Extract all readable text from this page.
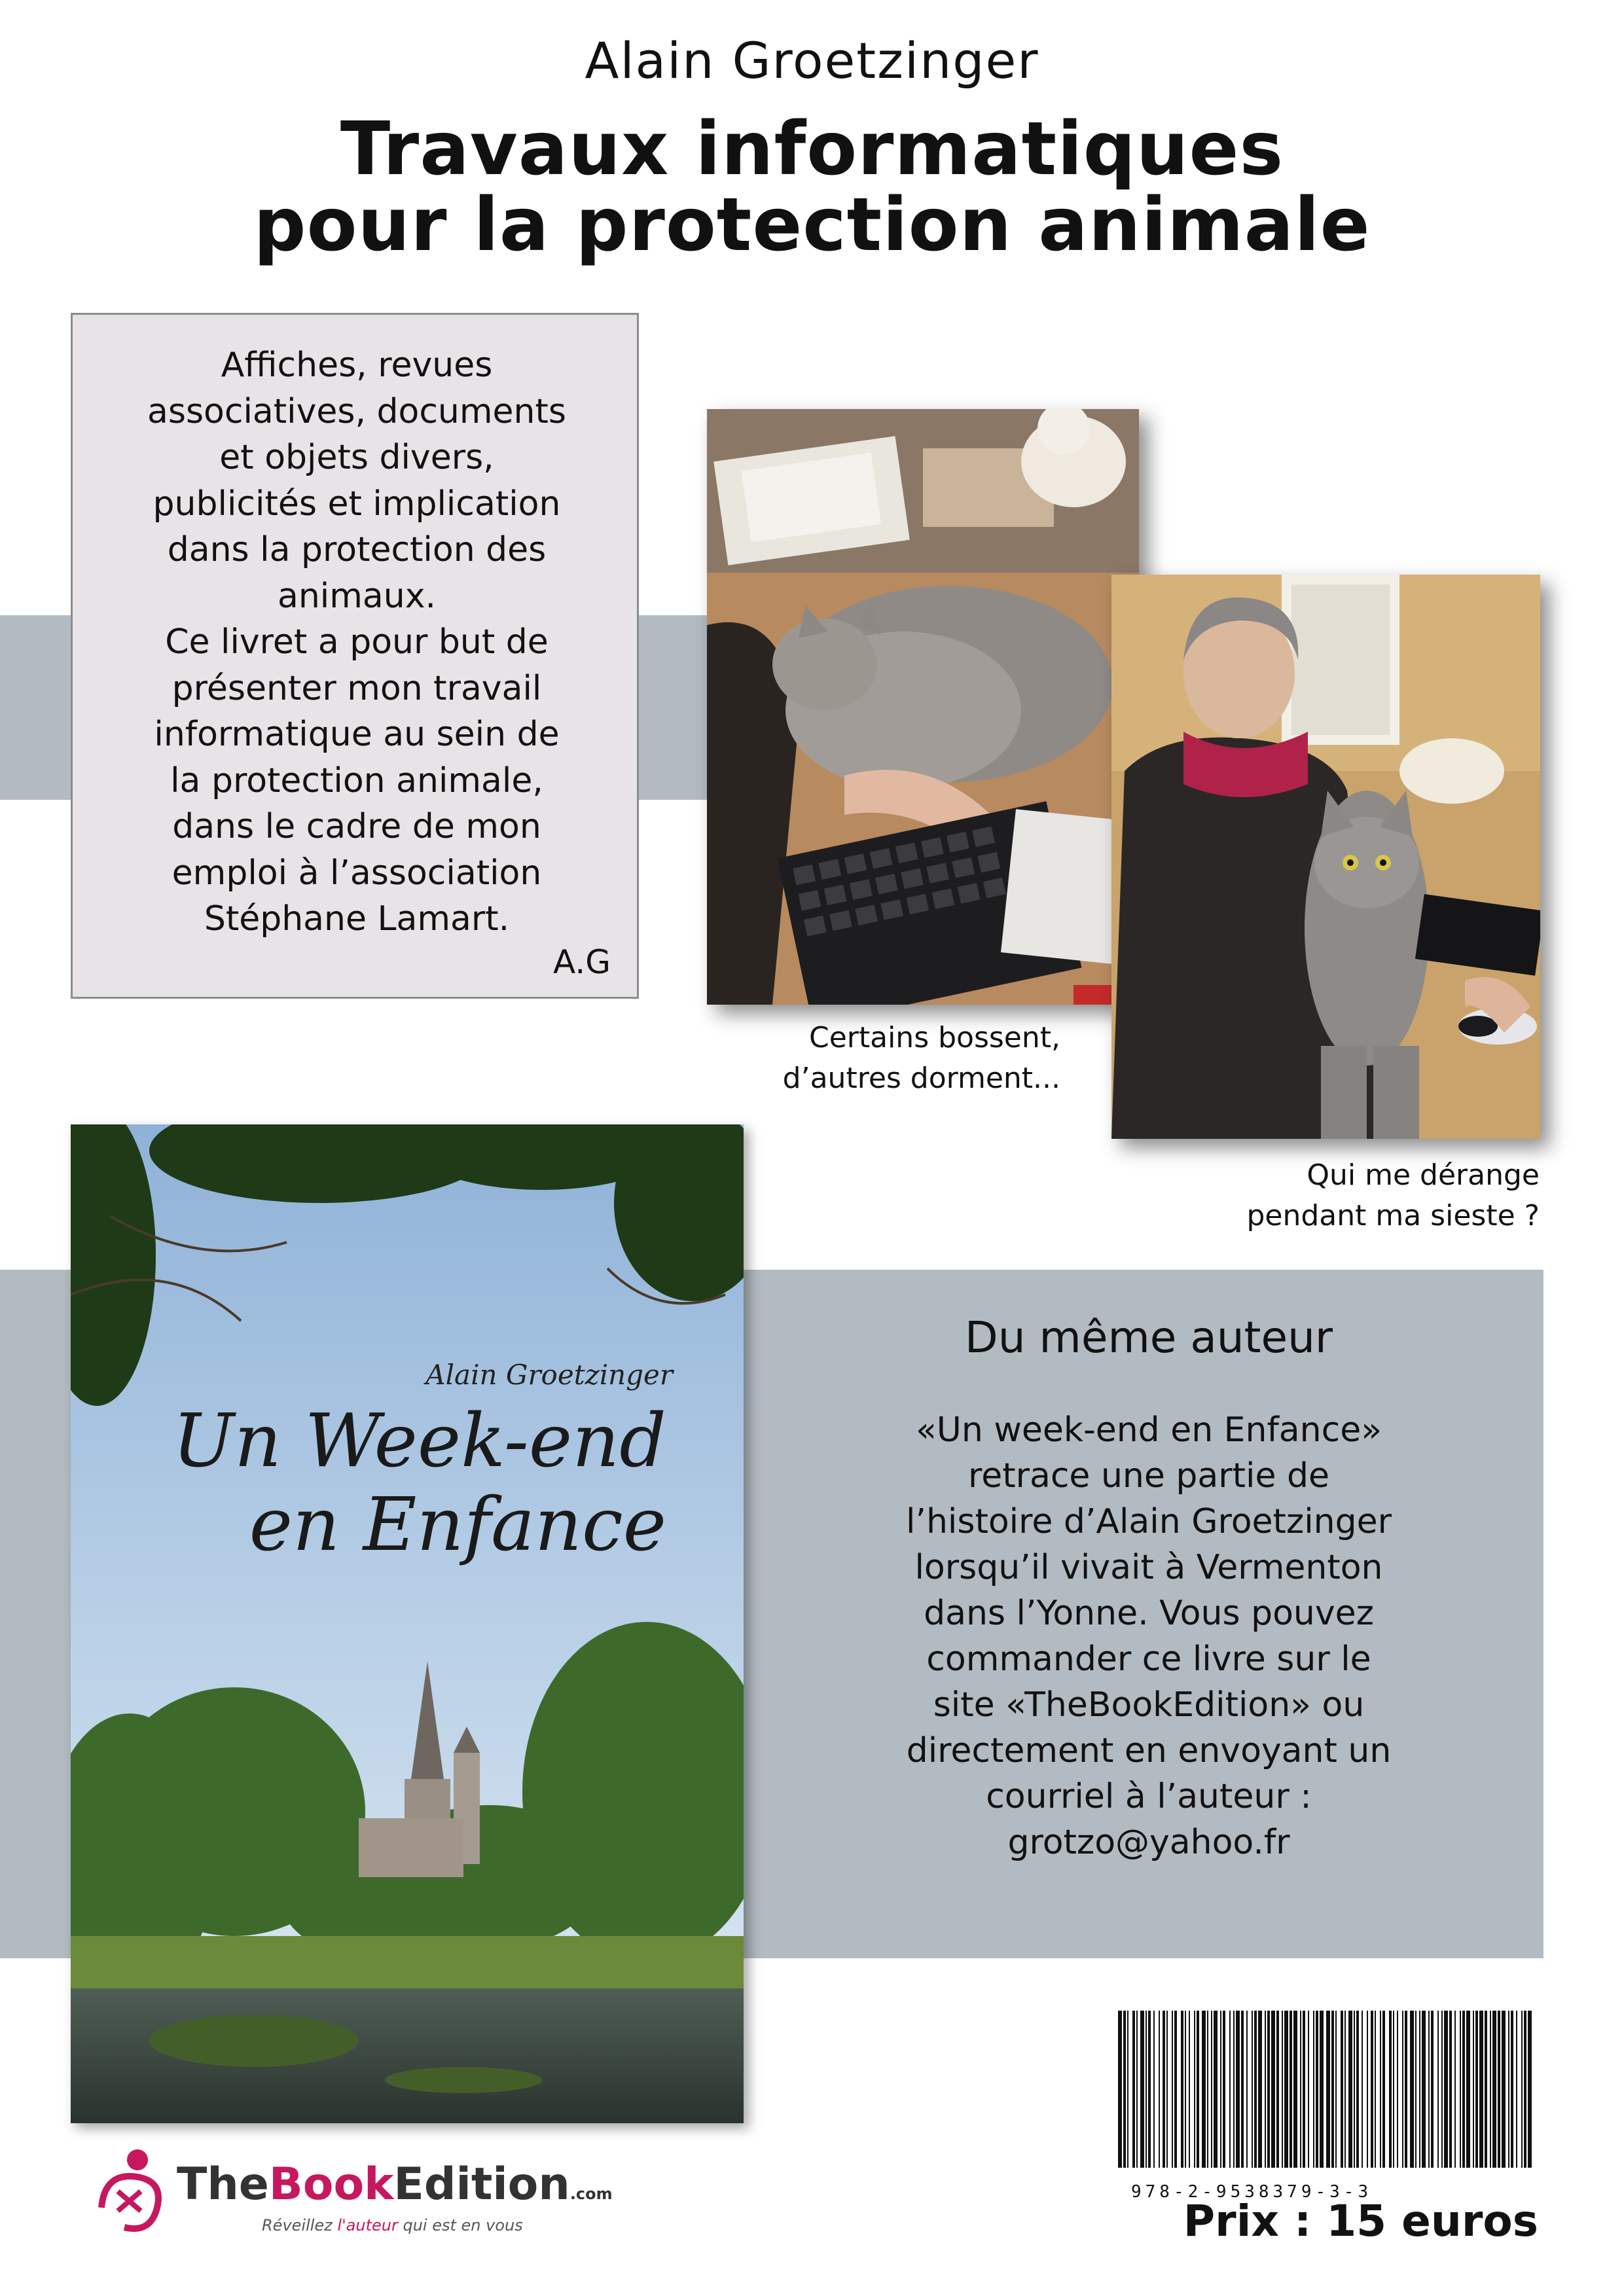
Alain Groetzinger
Travaux informatiques
pour la protection animale
Affiches, revues
associatives, documents
et objets divers,
publicités et implication
dans la protection des
animaux.
Ce livret a pour but de
présenter mon travail
informatique au sein de
la protection animale,
dans le cadre de mon
emploi à l’association
Stéphane Lamart.
A.G
Certains bossent,
d’autres dorment...
Qui me dérange
pendant ma sieste ?
Alain Groetzinger
Un Week-end
en Enfance
Du même auteur
«Un week-end en Enfance»
retrace une partie de
l’histoire d’Alain Groetzinger
lorsqu’il vivait à Vermenton
dans l’Yonne. Vous pouvez
commander ce livre sur le
site «TheBookEdition» ou
directement en envoyant un
courriel à l’auteur :
grotzo@yahoo.fr
978-2-9538379-3-3
Prix : 15 euros
TheBookEdition.com
Réveillez l'auteur qui est en vous
